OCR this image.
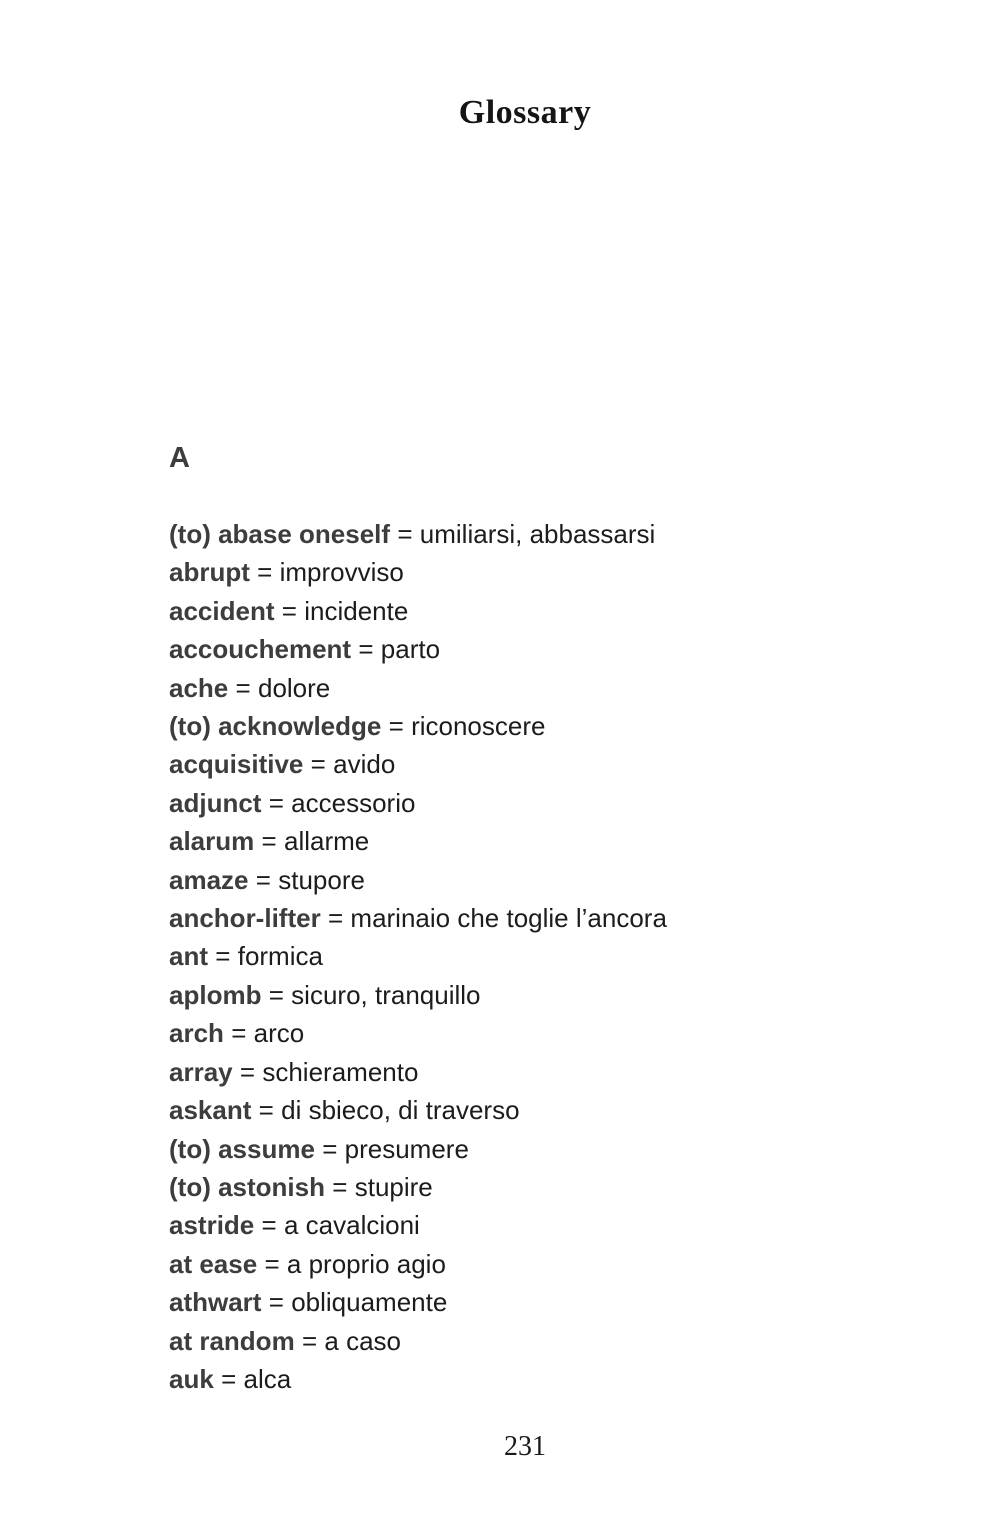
Glossary
A
(to) abase oneself = umiliarsi, abbassarsi
abrupt = improvviso
accident = incidente
accouchement = parto
ache = dolore
(to) acknowledge = riconoscere
acquisitive = avido
adjunct = accessorio
alarum = allarme
amaze = stupore
anchor-lifter = marinaio che toglie l’ancora
ant = formica
aplomb = sicuro, tranquillo
arch = arco
array = schieramento
askant = di sbieco, di traverso
(to) assume = presumere
(to) astonish = stupire
astride = a cavalcioni
at ease = a proprio agio
athwart = obliquamente
at random = a caso
auk = alca
231
